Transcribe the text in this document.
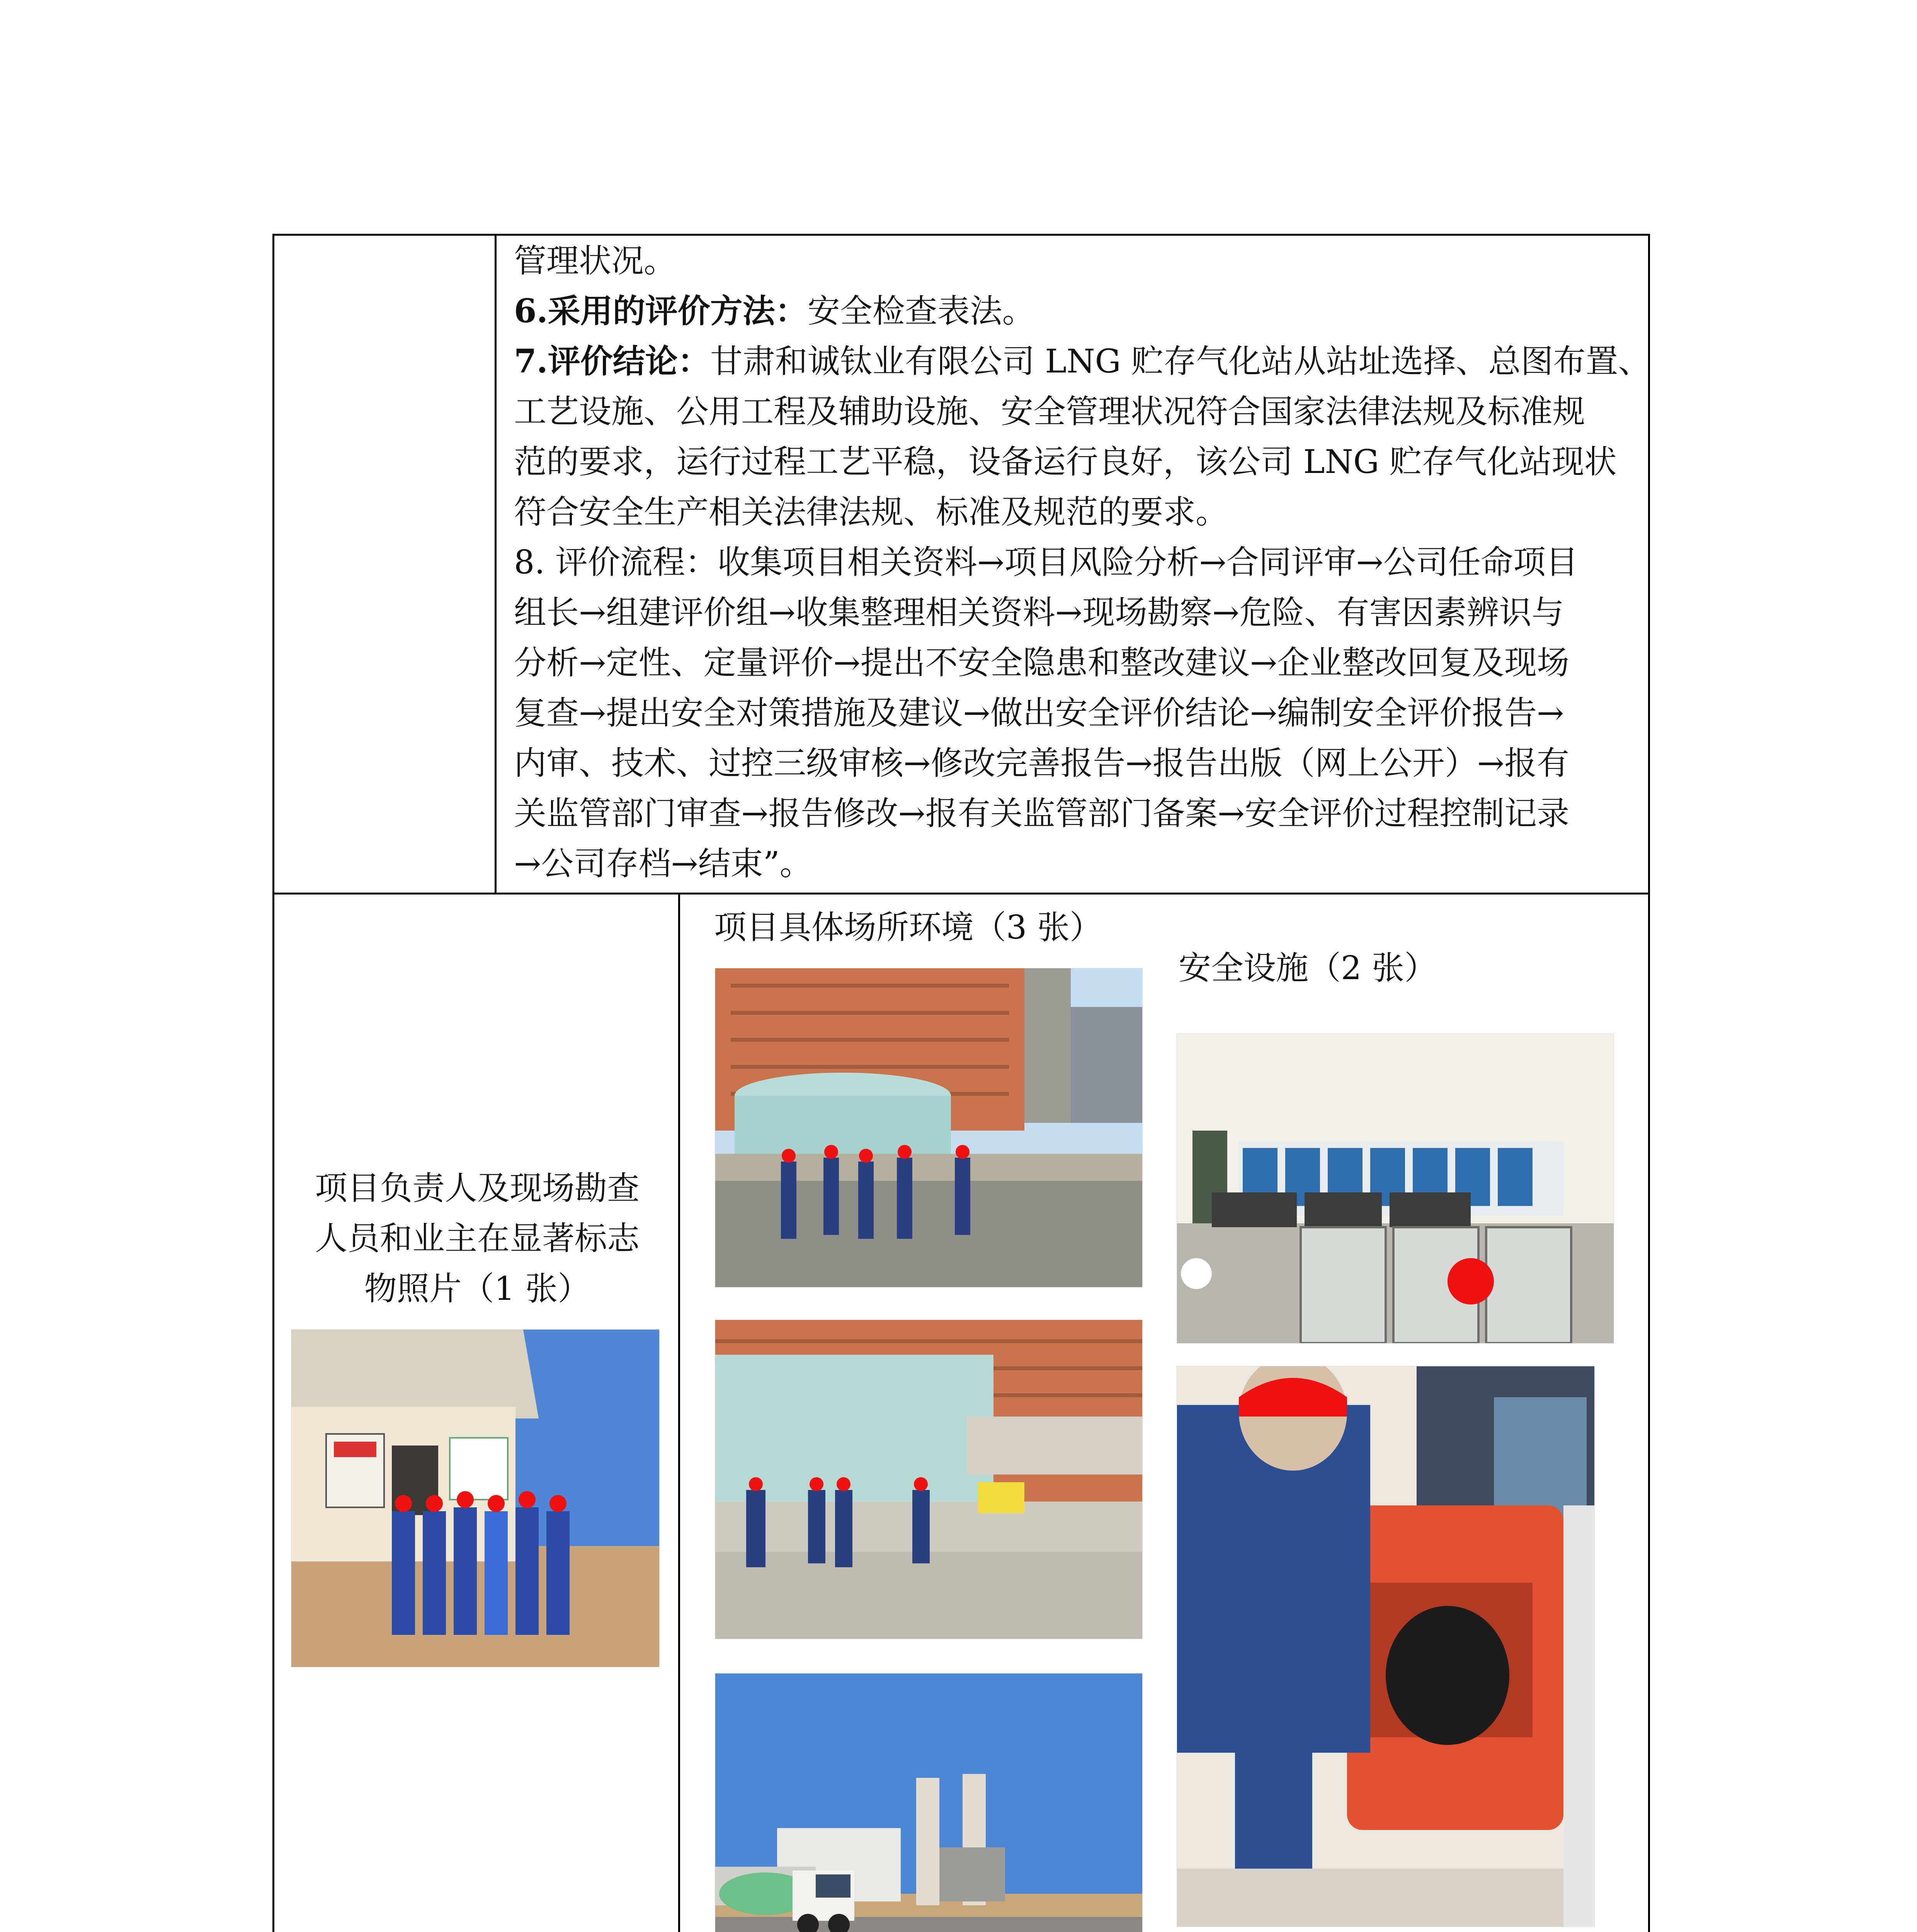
管理状况。
6.采用的评价方法：安全检查表法。
7.评价结论：甘肃和诚钛业有限公司 LNG 贮存气化站从站址选择、总图布置、
工艺设施、公用工程及辅助设施、安全管理状况符合国家法律法规及标准规
范的要求，运行过程工艺平稳，设备运行良好，该公司 LNG 贮存气化站现状
符合安全生产相关法律法规、标准及规范的要求。
8. 评价流程：收集项目相关资料→项目风险分析→合同评审→公司任命项目
组长→组建评价组→收集整理相关资料→现场勘察→危险、有害因素辨识与
分析→定性、定量评价→提出不安全隐患和整改建议→企业整改回复及现场
复查→提出安全对策措施及建议→做出安全评价结论→编制安全评价报告→
内审、技术、过控三级审核→修改完善报告→报告出版（网上公开）→报有
关监管部门审查→报告修改→报有关监管部门备案→安全评价过程控制记录
→公司存档→结束”。
项目负责人及现场勘查
人员和业主在显著标志
物照片（1 张）
项目具体场所环境（3 张）
安全设施（2 张）
